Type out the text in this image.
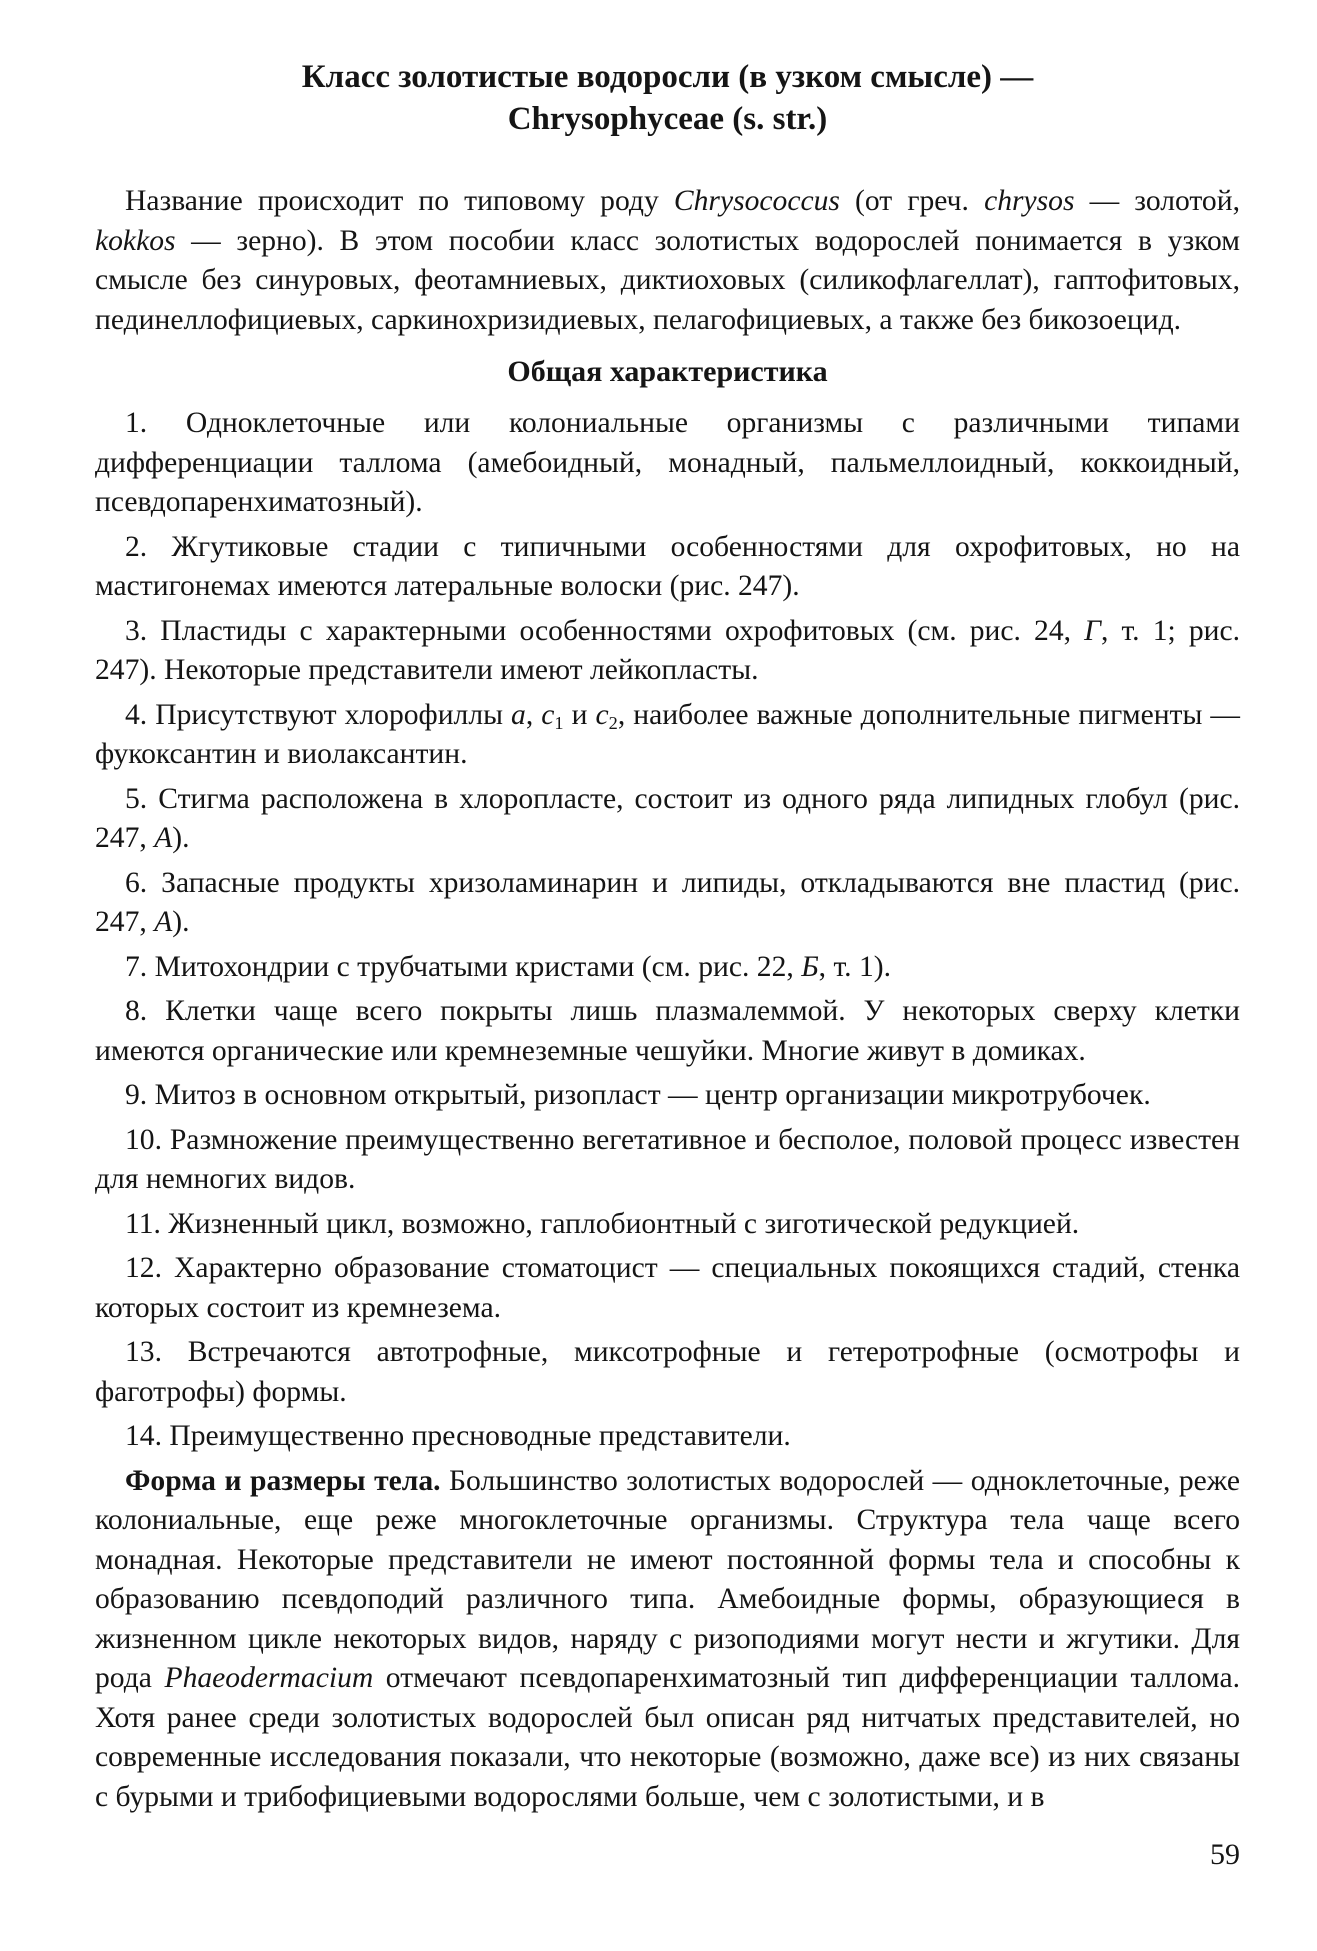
Класс золотистые водоросли (в узком смысле) —
Chrysophyceae (s. str.)

Название происходит по типовому роду Chrysococcus (от греч. chrysos — золотой, kokkos — зерно). В этом пособии класс золотистых водорослей понимается в узком смысле без синуровых, феотамниевых, диктиоховых (силикофлагеллат), гаптофитовых, пединеллофициевых, саркинохризидиевых, пелагофициевых, а также без бикозоецид.

Общая характеристика

1. Одноклеточные или колониальные организмы с различными типами дифференциации таллома (амебоидный, монадный, пальмеллоидный, коккоидный, псевдопаренхиматозный).

2. Жгутиковые стадии с типичными особенностями для охрофитовых, но на мастигонемах имеются латеральные волоски (рис. 247).

3. Пластиды с характерными особенностями охрофитовых (см. рис. 24, Г, т. 1; рис. 247). Некоторые представители имеют лейкопласты.

4. Присутствуют хлорофиллы a, $c_1$ и $c_2$, наиболее важные дополнительные пигменты — фукоксантин и виолаксантин.

5. Стигма расположена в хлоропласте, состоит из одного ряда липидных глобул (рис. 247, А).

6. Запасные продукты хризоламинарин и липиды, откладываются вне пластид (рис. 247, А).

7. Митохондрии с трубчатыми кристами (см. рис. 22, Б, т. 1).

8. Клетки чаще всего покрыты лишь плазмалеммой. У некоторых сверху клетки имеются органические или кремнеземные чешуйки. Многие живут в домиках.

9. Митоз в основном открытый, ризопласт — центр организации микротрубочек.

10. Размножение преимущественно вегетативное и бесполое, половой процесс известен для немногих видов.

11. Жизненный цикл, возможно, гаплобионтный с зиготической редукцией.

12. Характерно образование стоматоцист — специальных покоящихся стадий, стенка которых состоит из кремнезема.

13. Встречаются автотрофные, миксотрофные и гетеротрофные (осмотрофы и фаготрофы) формы.

14. Преимущественно пресноводные представители.

Форма и размеры тела. Большинство золотистых водорослей — одноклеточные, реже колониальные, еще реже многоклеточные организмы. Структура тела чаще всего монадная. Некоторые представители не имеют постоянной формы тела и способны к образованию псевдоподий различного типа. Амебоидные формы, образующиеся в жизненном цикле некоторых видов, наряду с ризоподиями могут нести и жгутики. Для рода Phaeodermacium отмечают псевдопаренхиматозный тип дифференциации таллома. Хотя ранее среди золотистых водорослей был описан ряд нитчатых представителей, но современные исследования показали, что некоторые (возможно, даже все) из них связаны с бурыми и трибофициевыми водорослями больше, чем с золотистыми, и в

59
